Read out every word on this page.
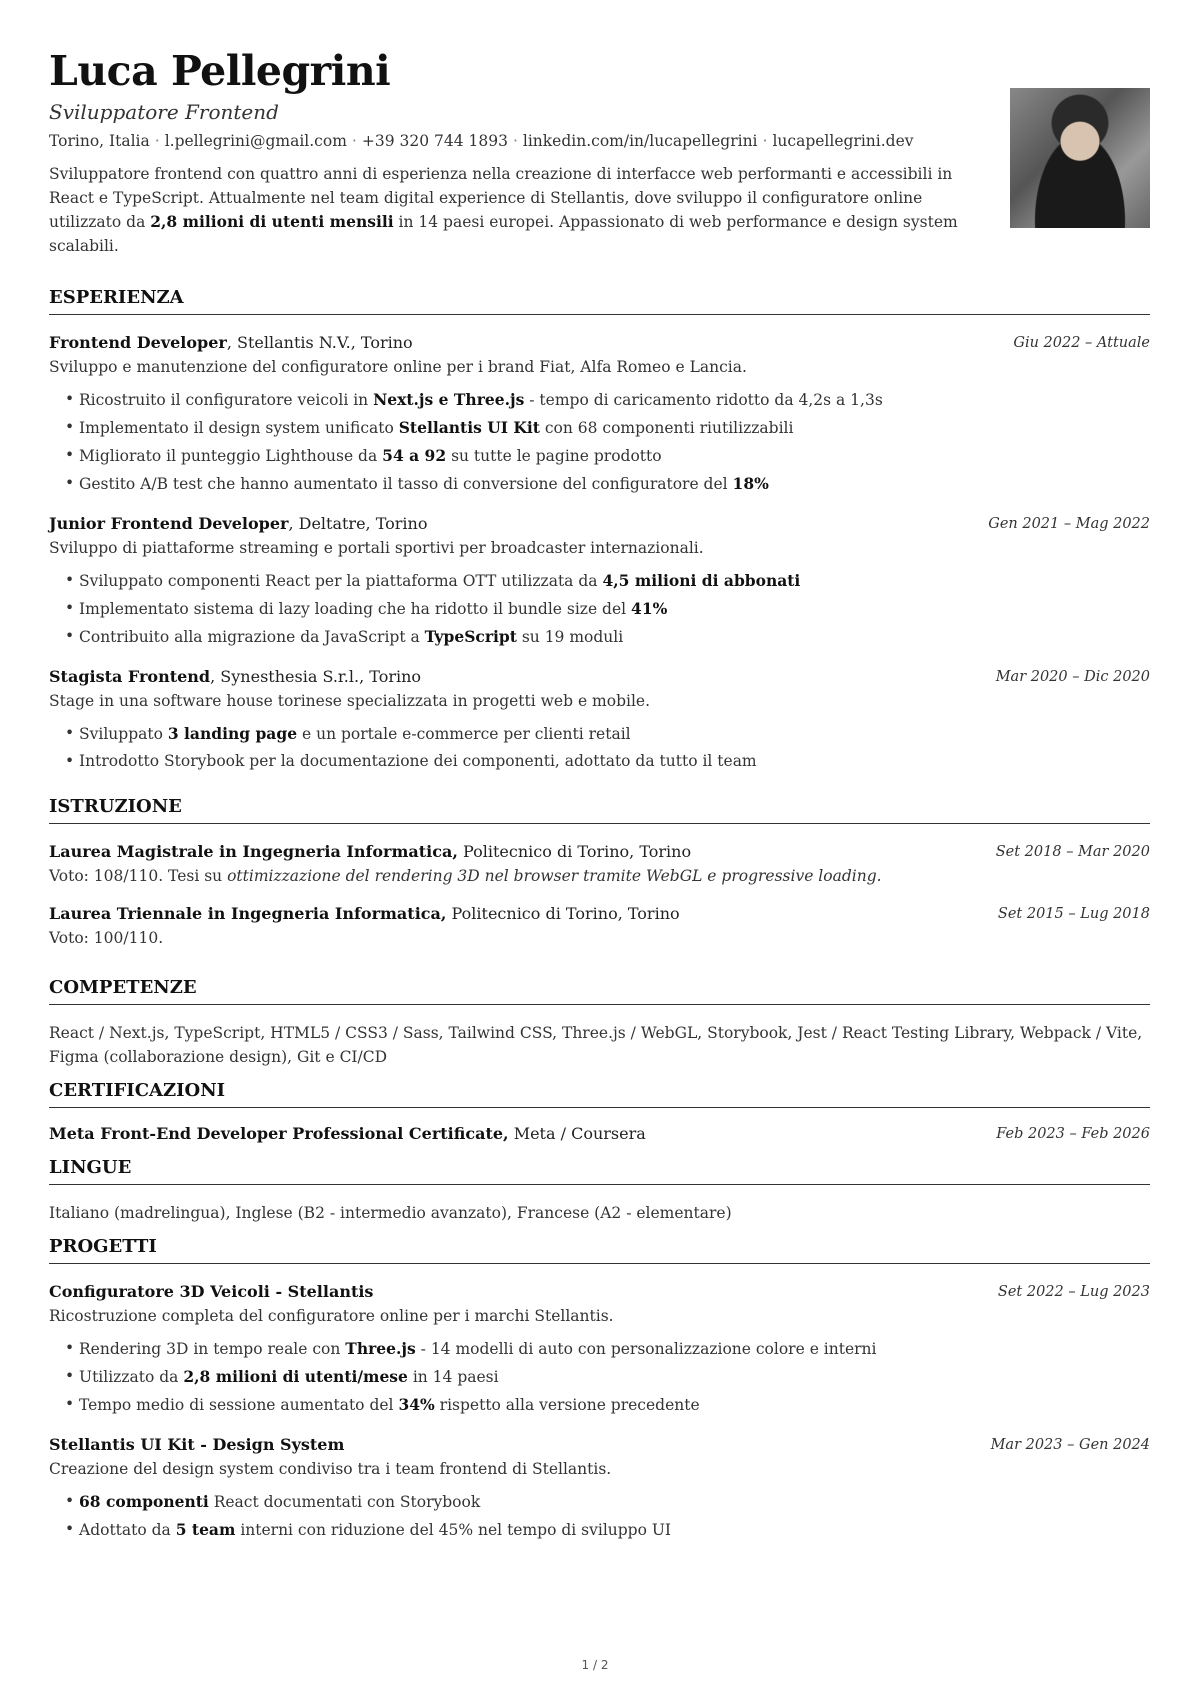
Luca Pellegrini
Sviluppatore Frontend
Torino, Italia · l.pellegrini@gmail.com · +39 320 744 1893 · linkedin.com/in/lucapellegrini · lucapellegrini.dev
Sviluppatore frontend con quattro anni di esperienza nella creazione di interfacce web performanti e accessibili in React e TypeScript. Attualmente nel team digital experience di Stellantis, dove sviluppo il configuratore online utilizzato da 2,8 milioni di utenti mensili in 14 paesi europei. Appassionato di web performance e design system scalabili.
ESPERIENZA
Frontend Developer, Stellantis N.V., Torino	Giu 2022 – Attuale
Sviluppo e manutenzione del configuratore online per i brand Fiat, Alfa Romeo e Lancia.
• Ricostruito il configuratore veicoli in Next.js e Three.js - tempo di caricamento ridotto da 4,2s a 1,3s
• Implementato il design system unificato Stellantis UI Kit con 68 componenti riutilizzabili
• Migliorato il punteggio Lighthouse da 54 a 92 su tutte le pagine prodotto
• Gestito A/B test che hanno aumentato il tasso di conversione del configuratore del 18%
Junior Frontend Developer, Deltatre, Torino	Gen 2021 – Mag 2022
Sviluppo di piattaforme streaming e portali sportivi per broadcaster internazionali.
• Sviluppato componenti React per la piattaforma OTT utilizzata da 4,5 milioni di abbonati
• Implementato sistema di lazy loading che ha ridotto il bundle size del 41%
• Contribuito alla migrazione da JavaScript a TypeScript su 19 moduli
Stagista Frontend, Synesthesia S.r.l., Torino	Mar 2020 – Dic 2020
Stage in una software house torinese specializzata in progetti web e mobile.
• Sviluppato 3 landing page e un portale e-commerce per clienti retail
• Introdotto Storybook per la documentazione dei componenti, adottato da tutto il team
ISTRUZIONE
Laurea Magistrale in Ingegneria Informatica, Politecnico di Torino, Torino	Set 2018 – Mar 2020
Voto: 108/110. Tesi su ottimizzazione del rendering 3D nel browser tramite WebGL e progressive loading.
Laurea Triennale in Ingegneria Informatica, Politecnico di Torino, Torino	Set 2015 – Lug 2018
Voto: 100/110.
COMPETENZE
React / Next.js, TypeScript, HTML5 / CSS3 / Sass, Tailwind CSS, Three.js / WebGL, Storybook, Jest / React Testing Library, Webpack / Vite, Figma (collaborazione design), Git e CI/CD
CERTIFICAZIONI
Meta Front-End Developer Professional Certificate, Meta / Coursera	Feb 2023 – Feb 2026
LINGUE
Italiano (madrelingua), Inglese (B2 - intermedio avanzato), Francese (A2 - elementare)
PROGETTI
Configuratore 3D Veicoli - Stellantis	Set 2022 – Lug 2023
Ricostruzione completa del configuratore online per i marchi Stellantis.
• Rendering 3D in tempo reale con Three.js - 14 modelli di auto con personalizzazione colore e interni
• Utilizzato da 2,8 milioni di utenti/mese in 14 paesi
• Tempo medio di sessione aumentato del 34% rispetto alla versione precedente
Stellantis UI Kit - Design System	Mar 2023 – Gen 2024
Creazione del design system condiviso tra i team frontend di Stellantis.
• 68 componenti React documentati con Storybook
• Adottato da 5 team interni con riduzione del 45% nel tempo di sviluppo UI
1 / 2
